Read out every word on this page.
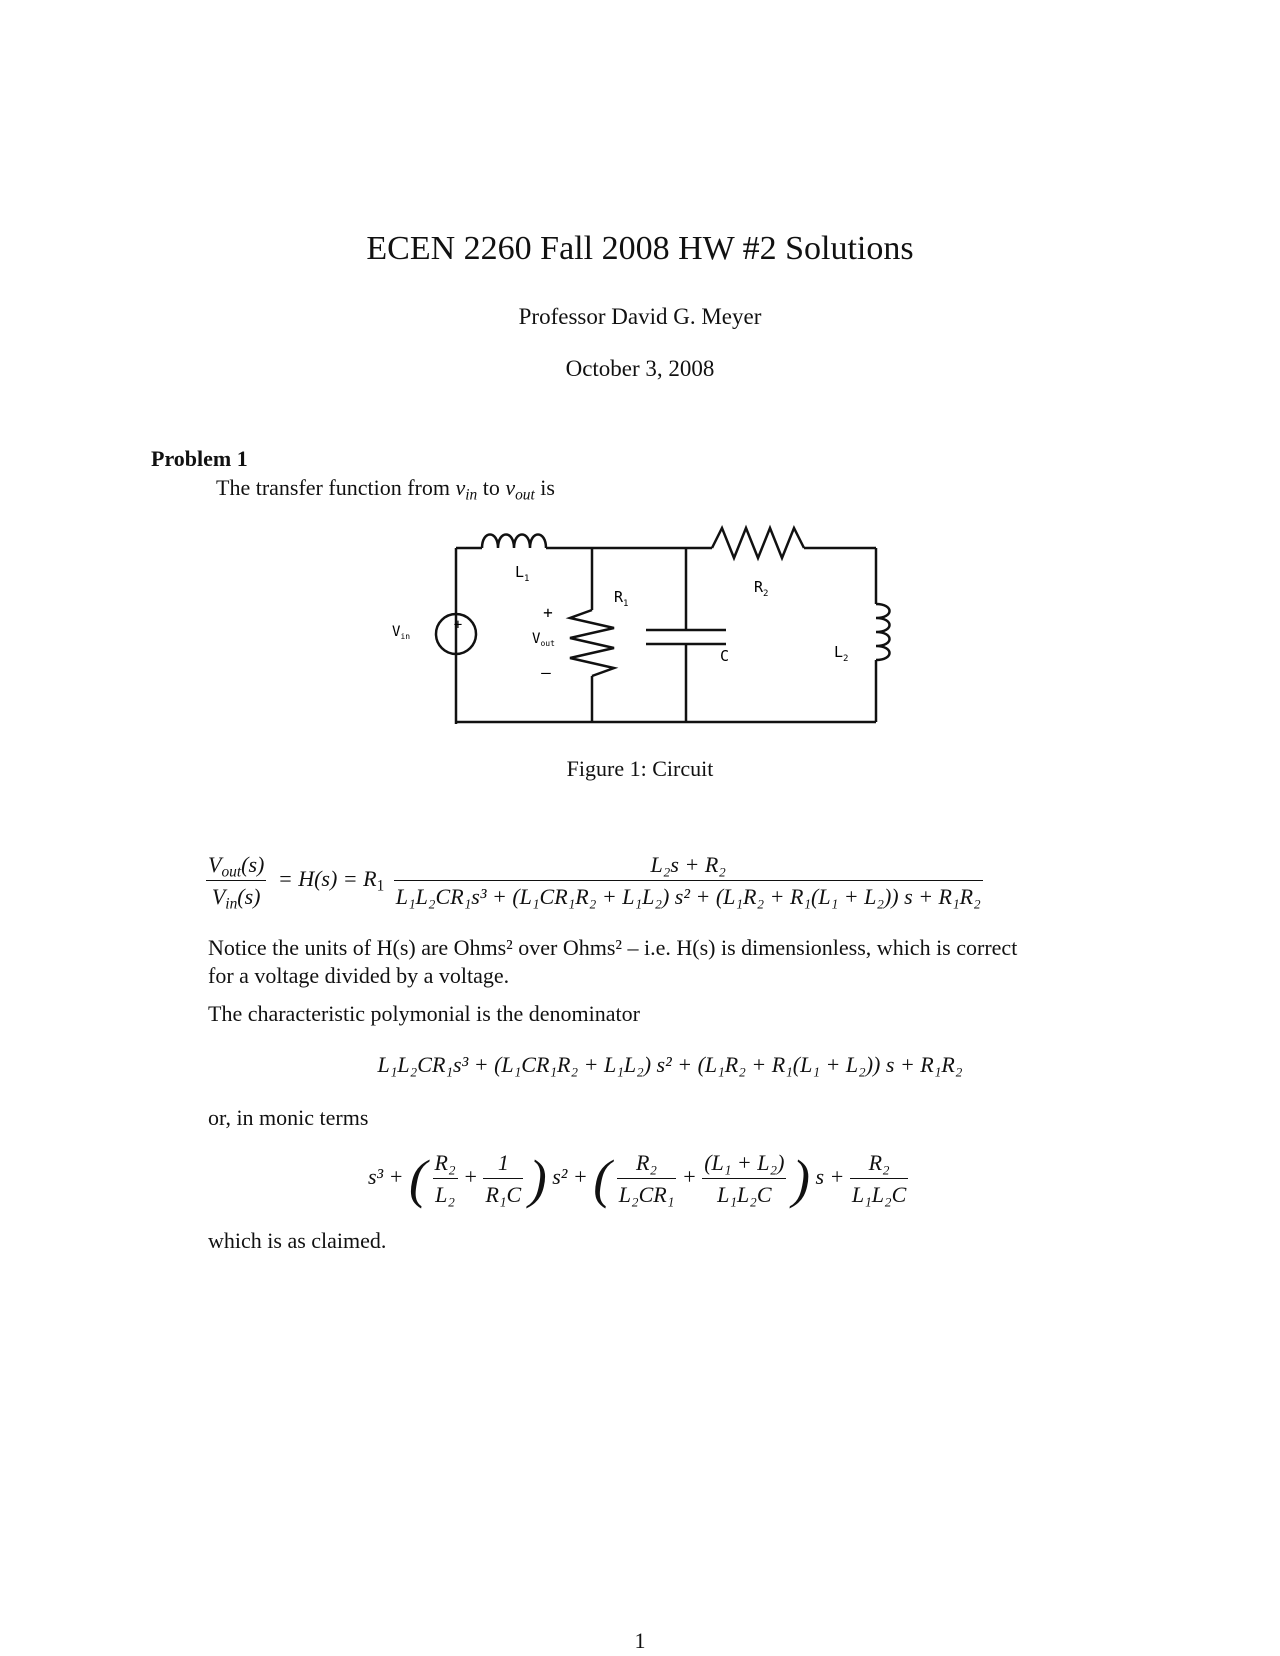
ECEN 2260 Fall 2008 HW #2 Solutions
Professor David G. Meyer
October 3, 2008
Problem 1
The transfer function from $v_{in}$ to $v_{out}$ is
+
$L_1$
$R_1$
$R_2$
C	$L_2$
$V_{in}$
+
$V_{out}$
–
Figure 1: Circuit
$\frac{V_{out}(s)}{V_{in}(s)} = H(s) = R_1$
L₂s + R₂
L₁L₂CR₁s³ + (L₁CR₁R₂ + L₁L₂) s² + (L₁R₂ + R₁(L₁ + L₂)) s + R₁R₂
Notice the units of H(s) are Ohms² over Ohms² – i.e. H(s) is dimensionless, which is correct
for a voltage divided by a voltage.
The characteristic polymonial is the denominator
L₁L₂CR₁s³ + (L₁CR₁R₂ + L₁L₂) s² + (L₁R₂ + R₁(L₁ + L₂)) s + R₁R₂
or, in monic terms
s³ + ( $\frac{\text{R₂}}{\text{L₂}} + \frac{1}{\text{R₁C}}$ ) s² + ( $\frac{\text{R₂}}{\text{L₂CR₁}} + \frac{\text{(L₁ + L₂)}}{\text{L₁L₂C}}$ ) $s + \frac{\text{R₂}}{\text{L₁L₂C}}$
which is as claimed.
1
